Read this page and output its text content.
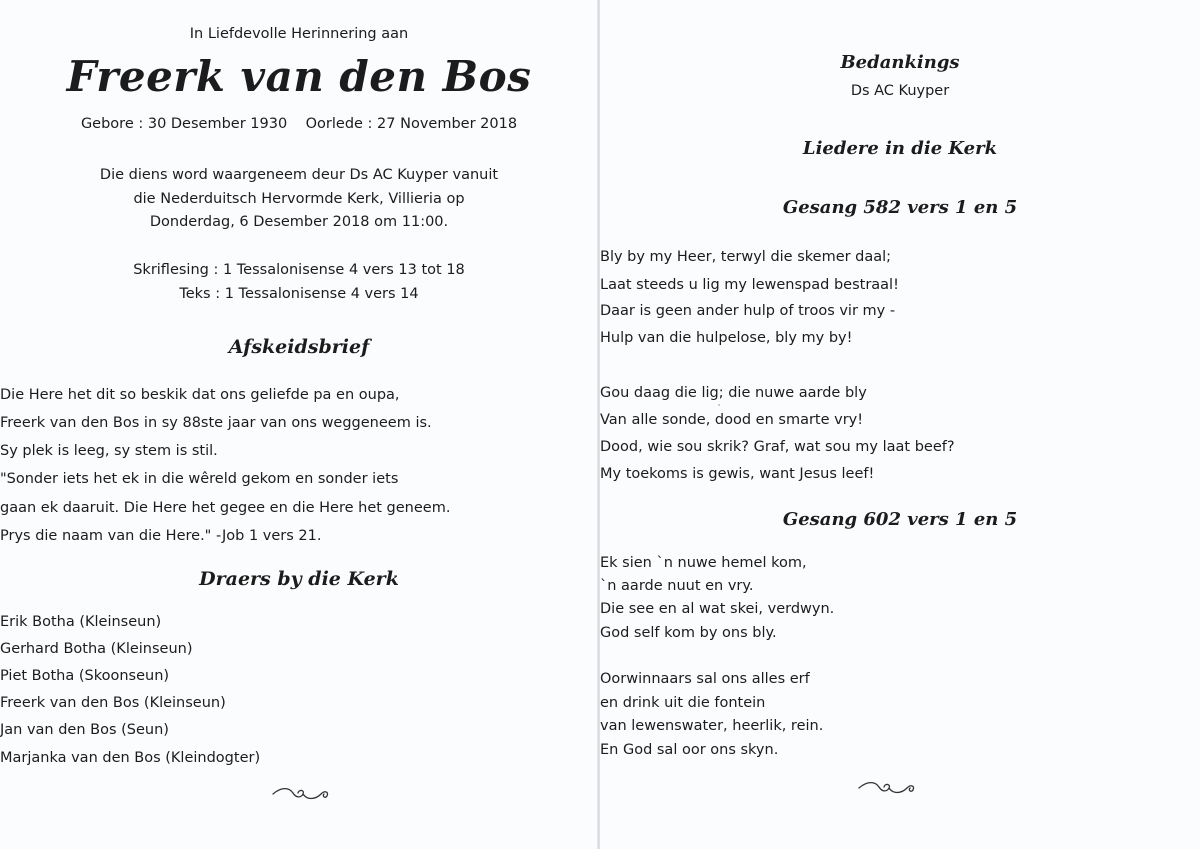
In Liefdevolle Herinnering aan
Freerk van den Bos
Gebore : 30 Desember 1930 Oorlede : 27 November 2018
Die diens word waargeneem deur Ds AC Kuyper vanuit
die Nederduitsch Hervormde Kerk, Villieria op
Donderdag, 6 Desember 2018 om 11:00.
Skriflesing : 1 Tessalonisense 4 vers 13 tot 18
Teks : 1 Tessalonisense 4 vers 14
Afskeidsbrief
Die Here het dit so beskik dat ons geliefde pa en oupa,
Freerk van den Bos in sy 88ste jaar van ons weggeneem is.
Sy plek is leeg, sy stem is stil.
"Sonder iets het ek in die wêreld gekom en sonder iets
gaan ek daaruit. Die Here het gegee en die Here het geneem.
Prys die naam van die Here." -Job 1 vers 21.
Draers by die Kerk
Erik Botha (Kleinseun)
Gerhard Botha (Kleinseun)
Piet Botha (Skoonseun)
Freerk van den Bos (Kleinseun)
Jan van den Bos (Seun)
Marjanka van den Bos (Kleindogter)
Bedankings
Ds AC Kuyper
Liedere in die Kerk
Gesang 582 vers 1 en 5
Bly by my Heer, terwyl die skemer daal;
Laat steeds u lig my lewenspad bestraal!
Daar is geen ander hulp of troos vir my -
Hulp van die hulpelose, bly my by!
Gou daag die lig; die nuwe aarde bly
Van alle sonde, dood en smarte vry!
Dood, wie sou skrik? Graf, wat sou my laat beef?
My toekoms is gewis, want Jesus leef!
Gesang 602 vers 1 en 5
Ek sien `n nuwe hemel kom,
`n aarde nuut en vry.
Die see en al wat skei, verdwyn.
God self kom by ons bly.
Oorwinnaars sal ons alles erf
en drink uit die fontein
van lewenswater, heerlik, rein.
En God sal oor ons skyn.
